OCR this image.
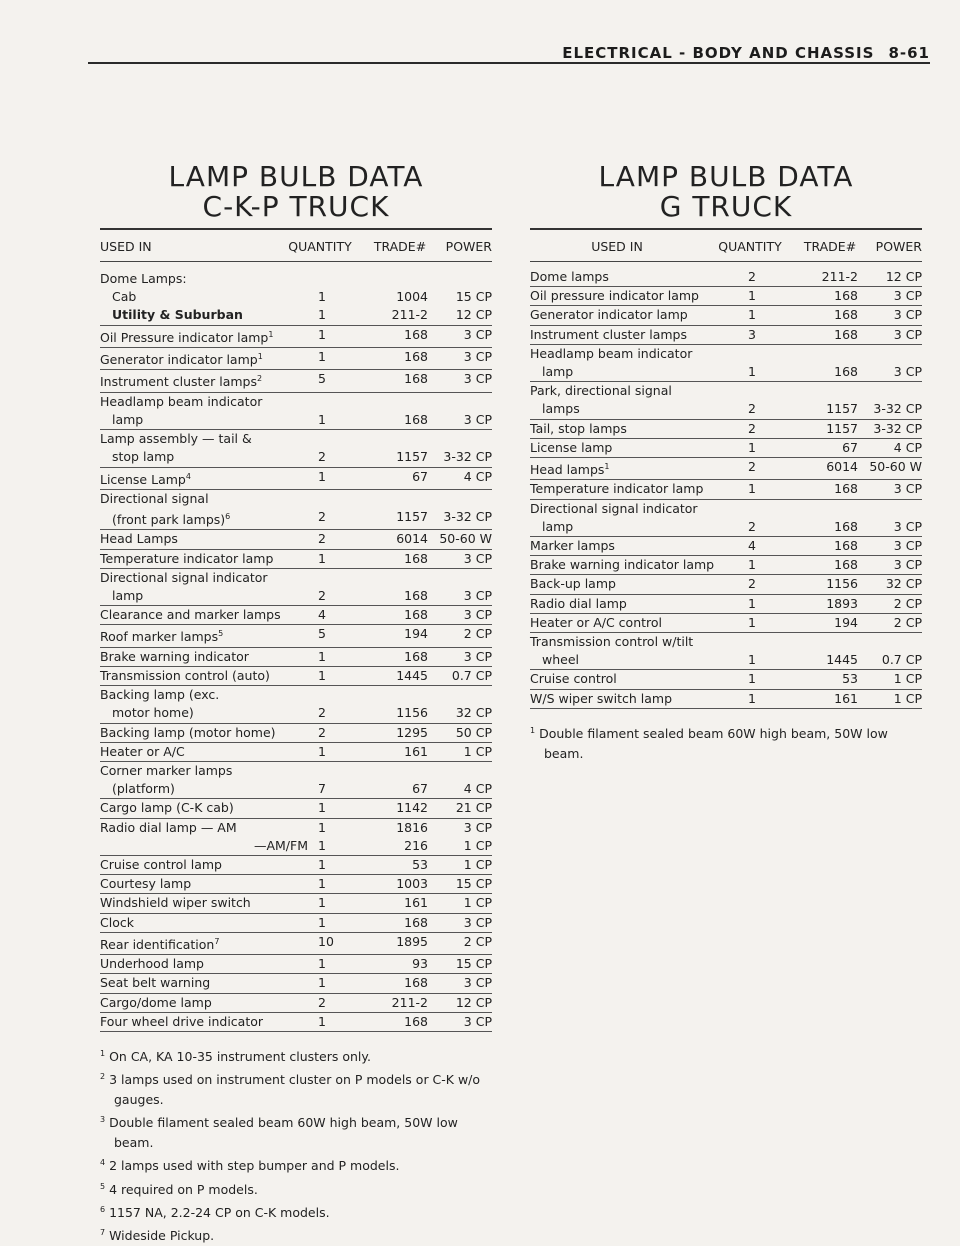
ELECTRICAL - BODY AND CHASSIS 8-61
LAMP BULB DATA
C-K-P TRUCK
USED IN	QUANTITY	TRADE#	POWER
Dome Lamps:
Cab	1	1004	15 CP
Utility & Suburban	1	211-2	12 CP
Oil Pressure indicator lamp$^1$	1	168	3 CP
Generator indicator lamp$^1$	1	168	3 CP
Instrument cluster lamps$^2$	5	168	3 CP
Headlamp beam indicator
lamp	1	168	3 CP
Lamp assembly — tail &
stop lamp	2	1157	3-32 CP
License Lamp$^4$	1	67	4 CP
Directional signal
(front park lamps)$^6$	2	1157	3-32 CP
Head Lamps	2	6014 50-60 W
Temperature indicator lamp	1	168	3 CP
Directional signal indicator
lamp	2	168	3 CP
Clearance and marker lamps	4	168	3 CP
Roof marker lamps$^5$	5	194	2 CP
Brake warning indicator	1	168	3 CP
Transmission control (auto)	1	1445	0.7 CP
Backing lamp (exc.
motor home)	2	1156	32 CP
Backing lamp (motor home)	2	1295	50 CP
Heater or A/C	1	161	1 CP
Corner marker lamps
(platform)	7	67	4 CP
Cargo lamp (C-K cab)	1	1142	21 CP
Radio dial lamp — AM	1	1816	3 CP
—AM/FM 1	216	1 CP
Cruise control lamp	1	53	1 CP
Courtesy lamp	1	1003	15 CP
Windshield wiper switch	1	161	1 CP
Clock	1	168	3 CP
Rear identification$^7$	10	1895	2 CP
Underhood lamp	1	93	15 CP
Seat belt warning	1	168	3 CP
Cargo/dome lamp	2	211-2	12 CP
Four wheel drive indicator	1	168	3 CP
$^1$ On CA, KA 10-35 instrument clusters only.
$^2$ 3 lamps used on instrument cluster on P models or C-K w/o gauges.
$^3$ Double filament sealed beam 60W high beam, 50W low beam.
$^4$ 2 lamps used with step bumper and P models.
$^5$ 4 required on P models.
$^6$ 1157 NA, 2.2-24 CP on C-K models.
$^7$ Wideside Pickup.
LAMP BULB DATA
G TRUCK
USED IN	QUANTITY	TRADE#	POWER
Dome lamps	2	211-2	12 CP
Oil pressure indicator lamp	1	168	3 CP
Generator indicator lamp	1	168	3 CP
Instrument cluster lamps	3	168	3 CP
Headlamp beam indicator
lamp	1	168	3 CP
Park, directional signal
lamps	2	1157	3-32 CP
Tail, stop lamps	2	1157	3-32 CP
License lamp	1	67	4 CP
Head lamps$^1$	2	6014 50-60 W
Temperature indicator lamp	1	168	3 CP
Directional signal indicator
lamp	2	168	3 CP
Marker lamps	4	168	3 CP
Brake warning indicator lamp	1	168	3 CP
Back-up lamp	2	1156	32 CP
Radio dial lamp	1	1893	2 CP
Heater or A/C control	1	194	2 CP
Transmission control w/tilt
wheel	1	1445	0.7 CP
Cruise control	1	53	1 CP
W/S wiper switch lamp	1	161	1 CP
$^1$ Double filament sealed beam 60W high beam, 50W low beam.
